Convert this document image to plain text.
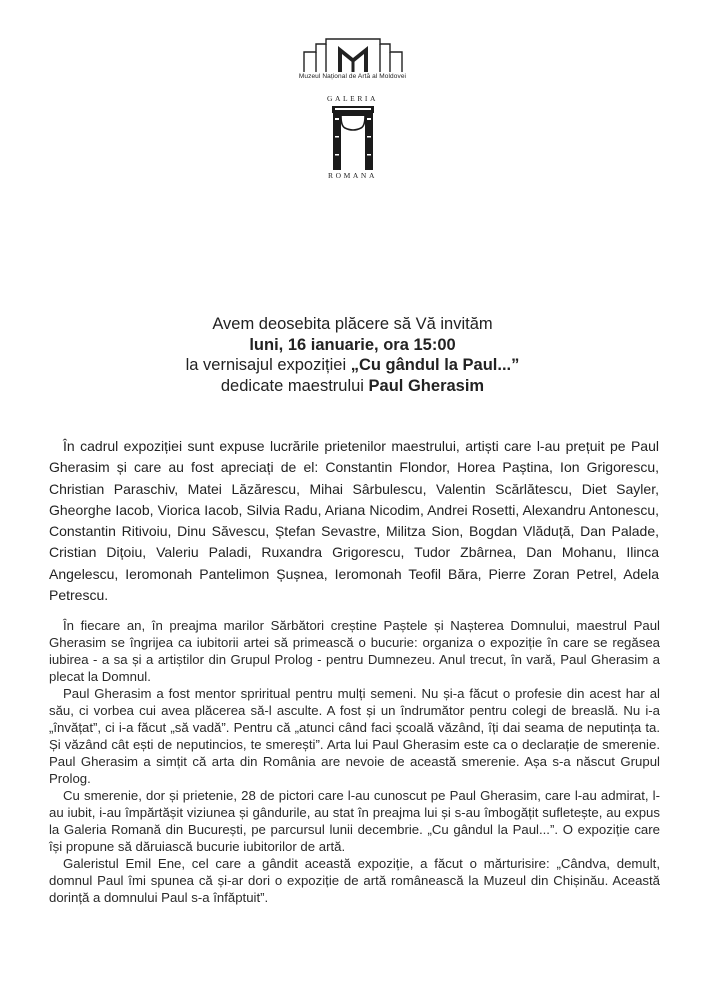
Muzeul Național de Artă al Moldovei
GALERIA
ROMANA
Avem deosebita plăcere să Vă invităm
luni, 16 ianuarie, ora 15:00
la vernisajul expoziției „Cu gândul la Paul...”
dedicate maestrului Paul Gherasim

În cadrul expoziției sunt expuse lucrările prietenilor maestrului, artiști care l-au prețuit pe Paul Gherasim și care au fost apreciați de el: Constantin Flondor, Horea Paștina, Ion Grigorescu, Christian Paraschiv, Matei Lăzărescu, Mihai Sârbulescu, Valentin Scărlătescu, Diet Sayler, Gheorghe Iacob, Viorica Iacob, Silvia Radu, Ariana Nicodim, Andrei Rosetti, Alexandru Antonescu, Constantin Ritivoiu, Dinu Săvescu, Ștefan Sevastre, Militza Sion, Bogdan Vlăduță, Dan Palade, Cristian Dițoiu, Valeriu Paladi, Ruxandra Grigorescu, Tudor Zbârnea, Dan Mohanu, Ilinca Angelescu, Ieromonah Pantelimon Șușnea, Ieromonah Teofil Băra, Pierre Zoran Petrel, Adela Petrescu.

În fiecare an, în preajma marilor Sărbători creștine Paștele și Nașterea Domnului, maestrul Paul Gherasim se îngrijea ca iubitorii artei să primească o bucurie: organiza o expoziție în care se regăsea iubirea - a sa și a artiștilor din Grupul Prolog - pentru Dumnezeu. Anul trecut, în vară, Paul Gherasim a plecat la Domnul.

Paul Gherasim a fost mentor spriritual pentru mulți semeni. Nu și-a făcut o profesie din acest har al său, ci vorbea cui avea plăcerea să-l asculte. A fost și un îndrumător pentru colegi de breaslă. Nu i-a „învățat”, ci i-a făcut „să vadă”. Pentru că „atunci când faci școală văzând, îți dai seama de neputința ta. Și văzând cât ești de neputincios, te smerești”. Arta lui Paul Gherasim este ca o declarație de smerenie. Paul Gherasim a simțit că arta din România are nevoie de această smerenie. Așa s-a născut Grupul Prolog.

Cu smerenie, dor și prietenie, 28 de pictori care l-au cunoscut pe Paul Gherasim, care l-au admirat, l-au iubit, i-au împărtășit viziunea și gândurile, au stat în preajma lui și s-au îmbogățit sufletește, au expus la Galeria Romană din București, pe parcursul lunii decembrie. „Cu gândul la Paul...”. O expoziție care își propune să dăruiască bucurie iubitorilor de artă.

Galeristul Emil Ene, cel care a gândit această expoziție, a făcut o mărturisire: „Cândva, demult, domnul Paul îmi spunea că și-ar dori o expoziție de artă românească la Muzeul din Chișinău. Această dorință a domnului Paul s-a înfăptuit”.
